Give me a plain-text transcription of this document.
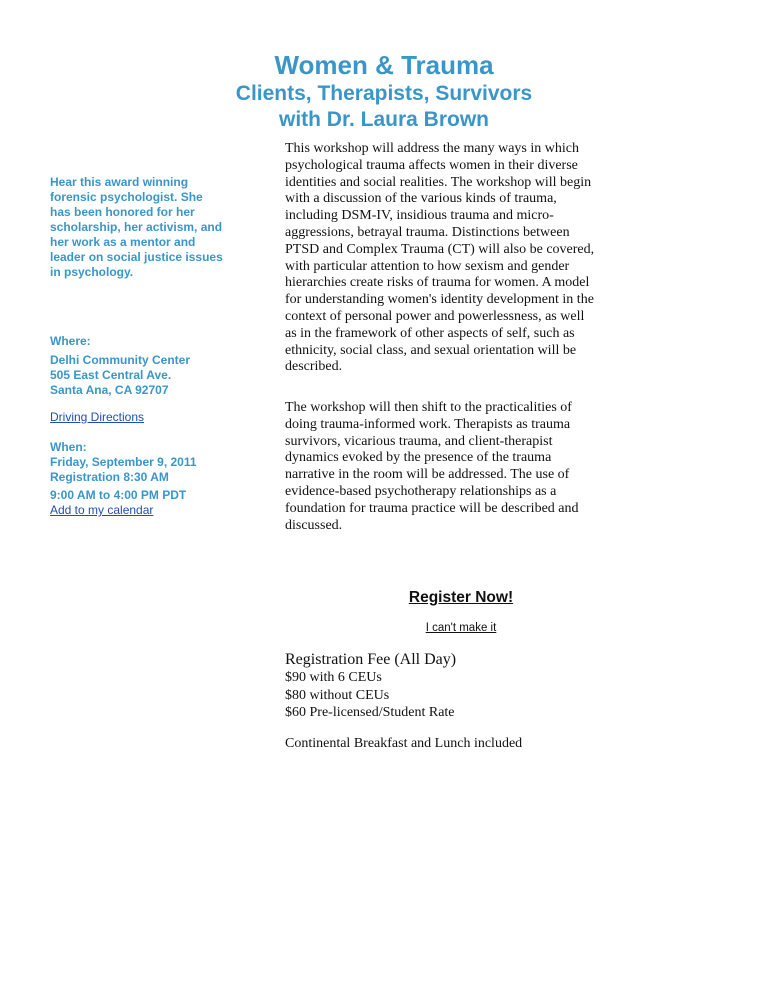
Women & Trauma
Clients, Therapists, Survivors
with Dr. Laura Brown
Hear this award winning
forensic psychologist. She
has been honored for her
scholarship, her activism, and
her work as a mentor and
leader on social justice issues
in psychology.
Where:
Delhi Community Center
505 East Central Ave.
Santa Ana, CA 92707
Driving Directions
When:
Friday, September 9, 2011
Registration 8:30 AM
9:00 AM to 4:00 PM PDT
Add to my calendar
This workshop will address the many ways in which
psychological trauma affects women in their diverse
identities and social realities. The workshop will begin
with a discussion of the various kinds of trauma,
including DSM-IV, insidious trauma and micro-
aggressions, betrayal trauma. Distinctions between
PTSD and Complex Trauma (CT) will also be covered,
with particular attention to how sexism and gender
hierarchies create risks of trauma for women. A model
for understanding women's identity development in the
context of personal power and powerlessness, as well
as in the framework of other aspects of self, such as
ethnicity, social class, and sexual orientation will be
described.
The workshop will then shift to the practicalities of
doing trauma-informed work. Therapists as trauma
survivors, vicarious trauma, and client-therapist
dynamics evoked by the presence of the trauma
narrative in the room will be addressed. The use of
evidence-based psychotherapy relationships as a
foundation for trauma practice will be described and
discussed.
Register Now!
I can't make it
Registration Fee (All Day)
$90 with 6 CEUs
$80 without CEUs
$60 Pre-licensed/Student Rate
Continental Breakfast and Lunch included
